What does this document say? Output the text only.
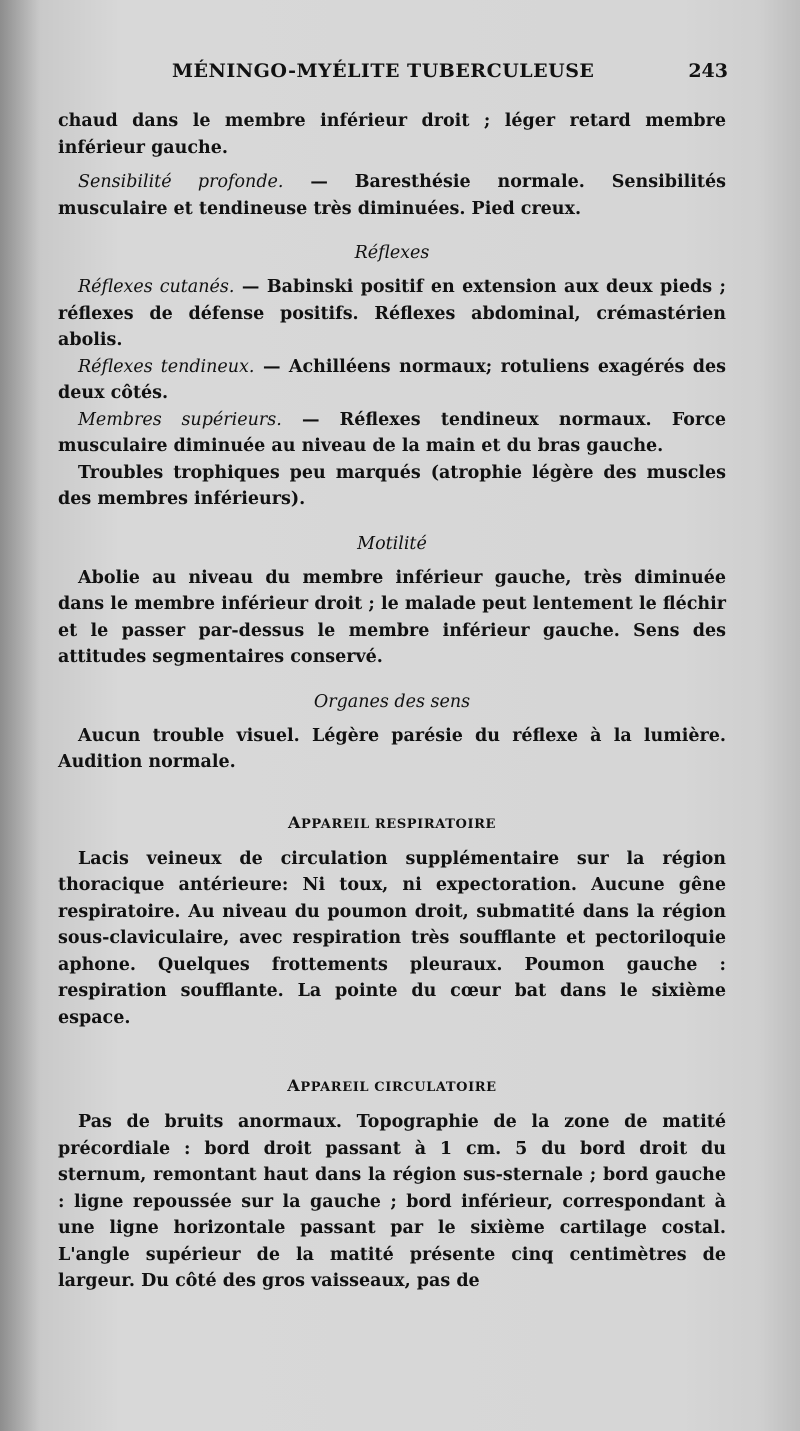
MÉNINGO-MYÉLITE TUBERCULEUSE	243

chaud dans le membre inférieur droit ; léger retard membre inférieur gauche.

Sensibilité profonde. — Baresthésie normale. Sensibilités musculaire et tendineuse très diminuées. Pied creux.

Réflexes

Réflexes cutanés. — Babinski positif en extension aux deux pieds ; réflexes de défense positifs. Réflexes abdominal, crémastérien abolis.

Réflexes tendineux. — Achilléens normaux; rotuliens exagérés des deux côtés.

Membres supérieurs. — Réflexes tendineux normaux. Force musculaire diminuée au niveau de la main et du bras gauche.

Troubles trophiques peu marqués (atrophie légère des muscles des membres inférieurs).

Motilité

Abolie au niveau du membre inférieur gauche, très diminuée dans le membre inférieur droit ; le malade peut lentement le fléchir et le passer par-dessus le membre inférieur gauche. Sens des attitudes segmentaires conservé.

Organes des sens

Aucun trouble visuel. Légère parésie du réflexe à la lumière. Audition normale.

APPAREIL RESPIRATOIRE

Lacis veineux de circulation supplémentaire sur la région thoracique antérieure: Ni toux, ni expectoration. Aucune gêne respiratoire. Au niveau du poumon droit, submatité dans la région sous-claviculaire, avec respiration très soufflante et pectoriloquie aphone. Quelques frottements pleuraux. Poumon gauche : respiration soufflante. La pointe du cœur bat dans le sixième espace.

APPAREIL CIRCULATOIRE

Pas de bruits anormaux. Topographie de la zone de matité précordiale : bord droit passant à 1 cm. 5 du bord droit du sternum, remontant haut dans la région sus-sternale ; bord gauche : ligne repoussée sur la gauche ; bord inférieur, correspondant à une ligne horizontale passant par le sixième cartilage costal. L'angle supérieur de la matité présente cinq centimètres de largeur. Du côté des gros vaisseaux, pas de
